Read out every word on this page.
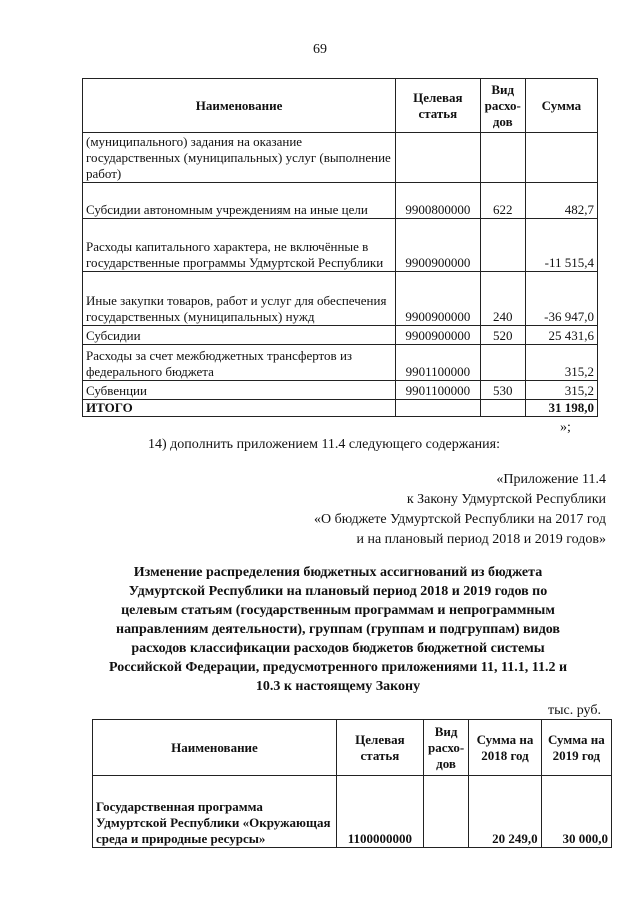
69
Наименование	Целевая статья	Вид расхо-дов	Сумма
(муниципального) задания на оказание государственных (муниципальных) услуг (выполнение работ)			
Субсидии автономным учреждениям на иные цели	9900800000	622	482,7
Расходы капитального характера, не включённые в государственные программы Удмуртской Республики	9900900000		-11 515,4
Иные закупки товаров, работ и услуг для обеспечения государственных (муниципальных) нужд	9900900000	240	-36 947,0
Субсидии	9900900000	520	25 431,6
Расходы за счет межбюджетных трансфертов из федерального бюджета	9901100000		315,2
Субвенции	9901100000	530	315,2
ИТОГО			31 198,0
»;
14) дополнить приложением 11.4 следующего содержания:
«Приложение 11.4
к Закону Удмуртской Республики
«О бюджете Удмуртской Республики на 2017 год
и на плановый период 2018 и 2019 годов»
Изменение распределения бюджетных ассигнований из бюджета
Удмуртской Республики на плановый период 2018 и 2019 годов по
целевым статьям (государственным программам и непрограммным
направлениям деятельности), группам (группам и подгруппам) видов
расходов классификации расходов бюджетов бюджетной системы
Российской Федерации, предусмотренного приложениями 11, 11.1, 11.2 и
10.3 к настоящему Закону
тыс. руб.
Наименование	Целевая статья	Вид расхо-дов	Сумма на 2018 год	Сумма на 2019 год
Государственная программа Удмуртской Республики «Окружающая среда и природные ресурсы»	1100000000		20 249,0	30 000,0
